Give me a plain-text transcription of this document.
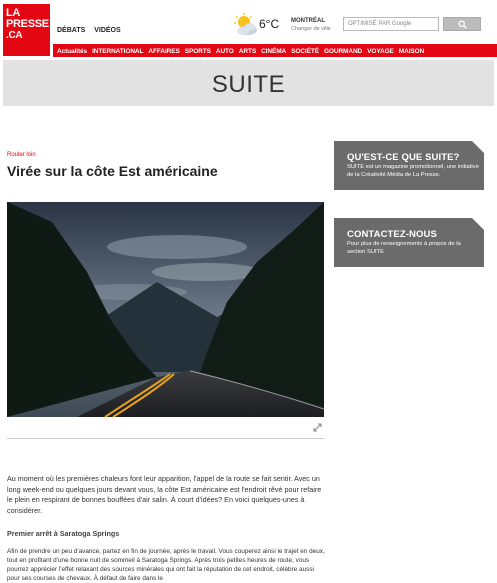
LA
PRESSE
.CA	DÉBATS VIDÉOS	6°C MONTRÉAL
Changer de ville
OPTIMISÉ PAR Google
Actualités INTERNATIONAL AFFAIRES SPORTS AUTO ARTS CINÉMA SOCIÉTÉ GOURMAND VOYAGE MAISON
SUITE
Rouler loin
Virée sur la côte Est américaine

Au moment où les premières chaleurs font leur apparition, l'appel de la route se fait sentir. Avec un long week-end ou quelques jours devant vous, la côte Est américaine est l'endroit rêvé pour refaire le plein en respirant de bonnes bouffées d'air salin. À court d'idées? En voici quelques-unes à considérer.

Premier arrêt à Saratoga Springs

Afin de prendre un peu d'avance, partez en fin de journée, après le travail. Vous couperez ainsi le trajet en deux, tout en profitant d'une bonne nuit de sommeil à Saratoga Springs. Après trois petites heures de route, vous pourrez apprécier l'effet relaxant des sources minérales qui ont fait la réputation de cet endroit, célèbre aussi pour ses courses de chevaux. À défaut de faire dans le

QU'EST-CE QUE SUITE?
SUITE est un magazine promotionnel, une initiative de la Créativité Média de La Presse.
CONTACTEZ-NOUS
Pour plus de renseignements à propos de la section SUITE
